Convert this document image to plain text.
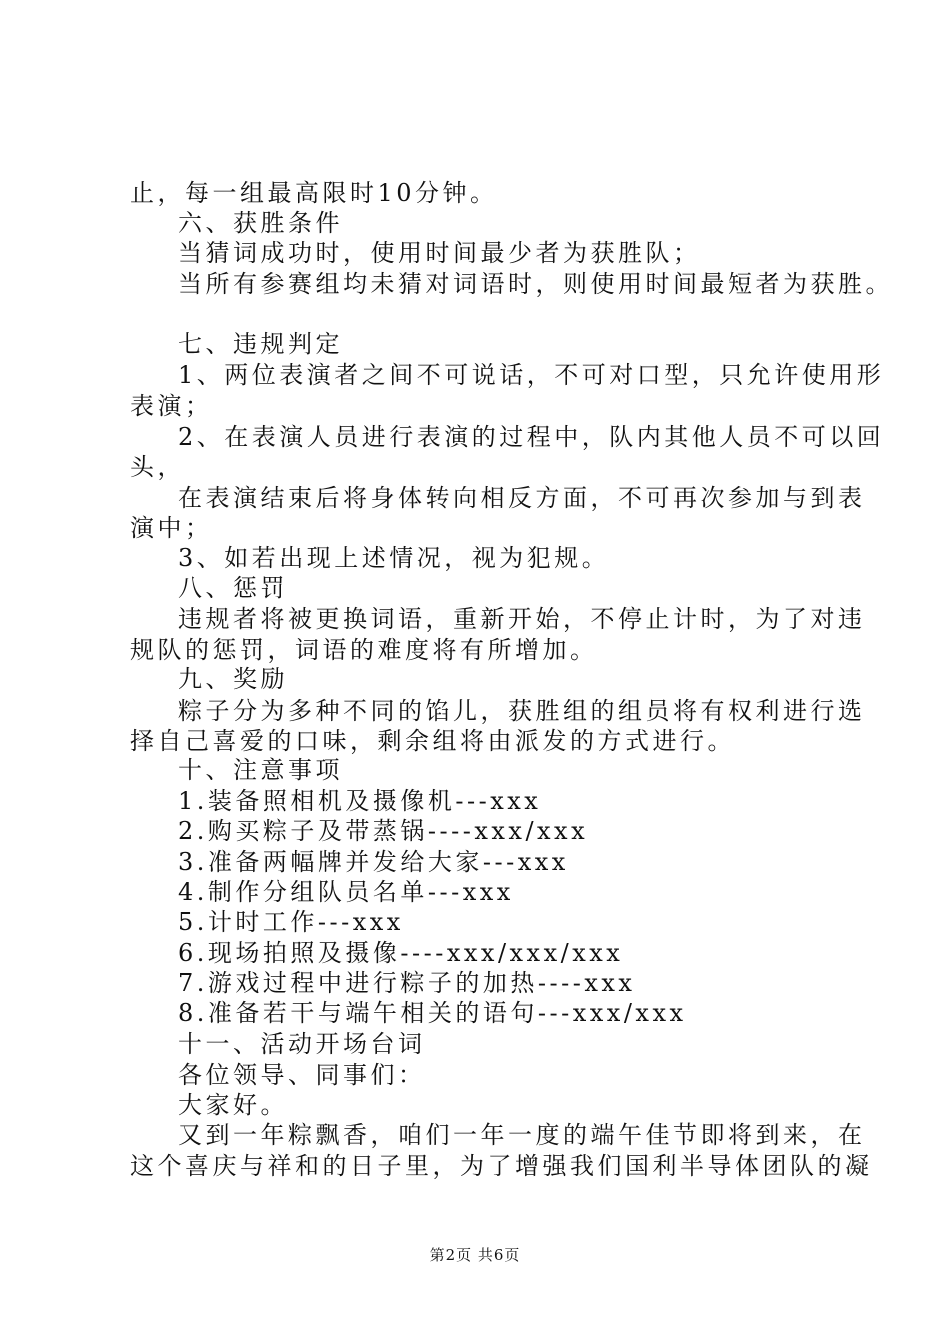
止，每一组最高限时10分钟。
六、获胜条件
当猜词成功时，使用时间最少者为获胜队；
当所有参赛组均未猜对词语时，则使用时间最短者为获胜。
七、违规判定
1、两位表演者之间不可说话，不可对口型，只允许使用形
表演；
2、在表演人员进行表演的过程中，队内其他人员不可以回
头，
在表演结束后将身体转向相反方面，不可再次参加与到表
演中；
3、如若出现上述情况，视为犯规。
八、惩罚
违规者将被更换词语，重新开始，不停止计时，为了对违
规队的惩罚，词语的难度将有所增加。
九、奖励
粽子分为多种不同的馅儿，获胜组的组员将有权利进行选
择自己喜爱的口味，剩余组将由派发的方式进行。
十、注意事项
1.装备照相机及摄像机---xxx
2.购买粽子及带蒸锅----xxx/xxx
3.准备两幅牌并发给大家---xxx
4.制作分组队员名单---xxx
5.计时工作---xxx
6.现场拍照及摄像----xxx/xxx/xxx
7.游戏过程中进行粽子的加热----xxx
8.准备若干与端午相关的语句---xxx/xxx
十一、活动开场台词
各位领导、同事们：
大家好。
又到一年粽飘香，咱们一年一度的端午佳节即将到来，在
这个喜庆与祥和的日子里，为了增强我们国利半导体团队的凝
第2页 共6页
